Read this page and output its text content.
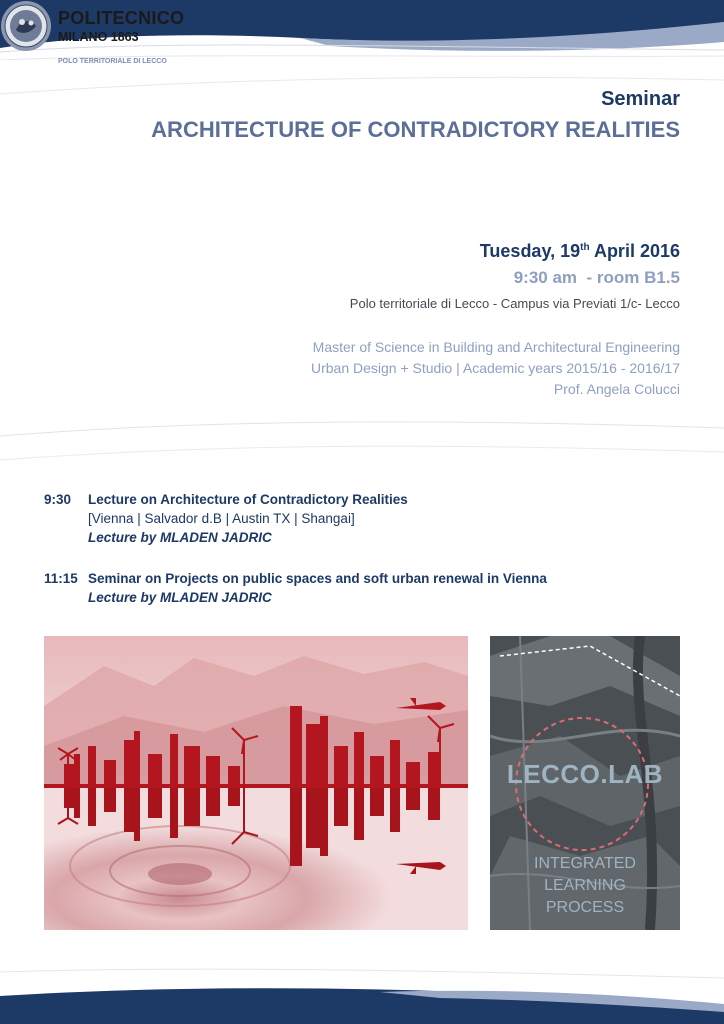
Seminar
ARCHITECTURE OF CONTRADICTORY REALITIES
POLITECNICO
MILANO 1863
POLO TERRITORIALE DI LECCO
Tuesday, 19th April 2016
9:30 am  - room B1.5
Polo territoriale di Lecco - Campus via Previati 1/c- Lecco
Master of Science in Building and Architectural Engineering
Urban Design + Studio | Academic years 2015/16 - 2016/17
Prof. Angela Colucci
9:30 Lecture on Architecture of Contradictory Realities
[Vienna | Salvador d.B | Austin TX | Shangai]
Lecture by MLADEN JADRIC
11:15 Seminar on Projects on public spaces and soft urban renewal in Vienna
Lecture by MLADEN JADRIC
LECCO.LAB
INTEGRATED
LEARNING
PROCESS
